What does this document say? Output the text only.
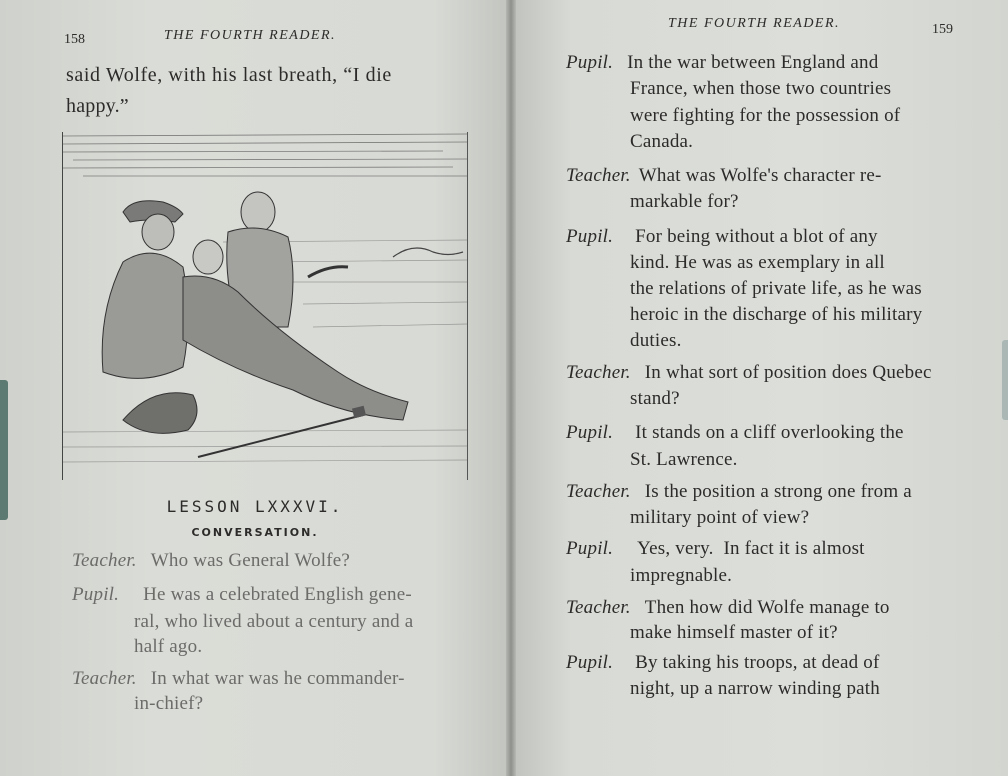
158	THE FOURTH READER.
said Wolfe, with his last breath, “I die
happy.”
LESSON LXXXVI.
CONVERSATION.
Teacher. Who was General Wolfe?
Pupil. He was a celebrated English gene-
ral, who lived about a century and a
half ago.
Teacher. In what war was he commander-
in-chief?
THE FOURTH READER.	159
Pupil. In the war between England and
France, when those two countries
were fighting for the possession of
Canada.
Teacher. What was Wolfe's character re-
markable for?
Pupil. For being without a blot of any
kind. He was as exemplary in all
the relations of private life, as he was
heroic in the discharge of his military
duties.
Teacher. In what sort of position does Quebec
stand?
Pupil. It stands on a cliff overlooking the
St. Lawrence.
Teacher. Is the position a strong one from a
military point of view?
Pupil. Yes, very.  In fact it is almost
impregnable.
Teacher. Then how did Wolfe manage to
make himself master of it?
Pupil. By taking his troops, at dead of
night, up a narrow winding path
